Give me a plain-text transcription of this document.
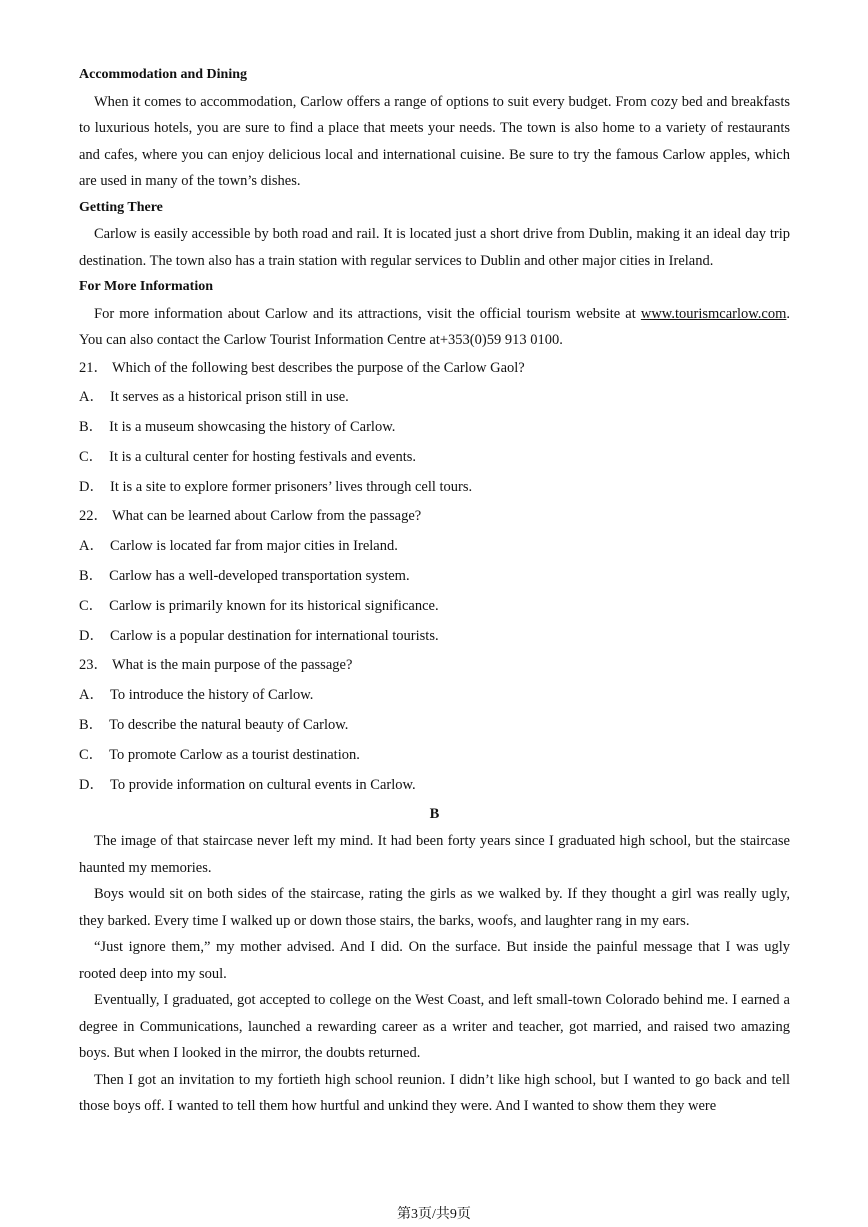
Accommodation and Dining

When it comes to accommodation, Carlow offers a range of options to suit every budget. From cozy bed and breakfasts to luxurious hotels, you are sure to find a place that meets your needs. The town is also home to a variety of restaurants and cafes, where you can enjoy delicious local and international cuisine. Be sure to try the famous Carlow apples, which are used in many of the town’s dishes.

Getting There

Carlow is easily accessible by both road and rail. It is located just a short drive from Dublin, making it an ideal day trip destination. The town also has a train station with regular services to Dublin and other major cities in Ireland.

For More Information

For more information about Carlow and its attractions, visit the official tourism website at www.tourismcarlow.com. You can also contact the Carlow Tourist Information Centre at+353(0)59 913 0100.

21． Which of the following best describes the purpose of the Carlow Gaol?

A． It serves as a historical prison still in use.

B． It is a museum showcasing the history of Carlow.

C． It is a cultural center for hosting festivals and events.

D． It is a site to explore former prisoners’ lives through cell tours.

22． What can be learned about Carlow from the passage?

A． Carlow is located far from major cities in Ireland.

B． Carlow has a well-developed transportation system.

C． Carlow is primarily known for its historical significance.

D． Carlow is a popular destination for international tourists.

23． What is the main purpose of the passage?

A． To introduce the history of Carlow.

B． To describe the natural beauty of Carlow.

C． To promote Carlow as a tourist destination.

D． To provide information on cultural events in Carlow.

B

The image of that staircase never left my mind. It had been forty years since I graduated high school, but the staircase haunted my memories.

Boys would sit on both sides of the staircase, rating the girls as we walked by. If they thought a girl was really ugly, they barked. Every time I walked up or down those stairs, the barks, woofs, and laughter rang in my ears.

“Just ignore them,” my mother advised. And I did. On the surface. But inside the painful message that I was ugly rooted deep into my soul.

Eventually, I graduated, got accepted to college on the West Coast, and left small-town Colorado behind me. I earned a degree in Communications, launched a rewarding career as a writer and teacher, got married, and raised two amazing boys. But when I looked in the mirror, the doubts returned.

Then I got an invitation to my fortieth high school reunion. I didn’t like high school, but I wanted to go back and tell those boys off. I wanted to tell them how hurtful and unkind they were. And I wanted to show them they were

第3页/共9页
